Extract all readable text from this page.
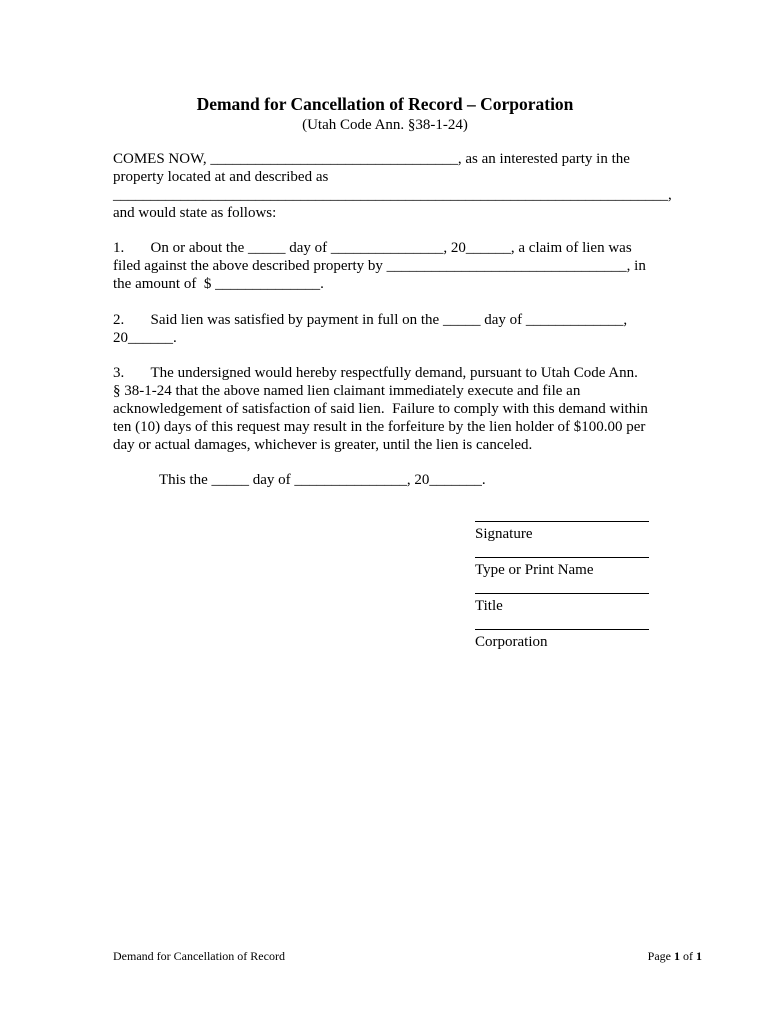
Demand for Cancellation of Record – Corporation
(Utah Code Ann. §38-1-24)
COMES NOW, _________________________________, as an interested party in the
property located at and described as
__________________________________________________________________________,
and would state as follows:
1.       On or about the _____ day of _______________, 20______, a claim of lien was
filed against the above described property by ________________________________, in
the amount of  $ ______________.
2.       Said lien was satisfied by payment in full on the _____ day of _____________,
20______.
3.       The undersigned would hereby respectfully demand, pursuant to Utah Code Ann.
§ 38-1-24 that the above named lien claimant immediately execute and file an
acknowledgement of satisfaction of said lien.  Failure to comply with this demand within
ten (10) days of this request may result in the forfeiture by the lien holder of $100.00 per
day or actual damages, whichever is greater, until the lien is canceled.
This the _____ day of _______________, 20_______.
Signature
Type or Print Name
Title
Corporation
Demand for Cancellation of Record	Page 1 of 1
